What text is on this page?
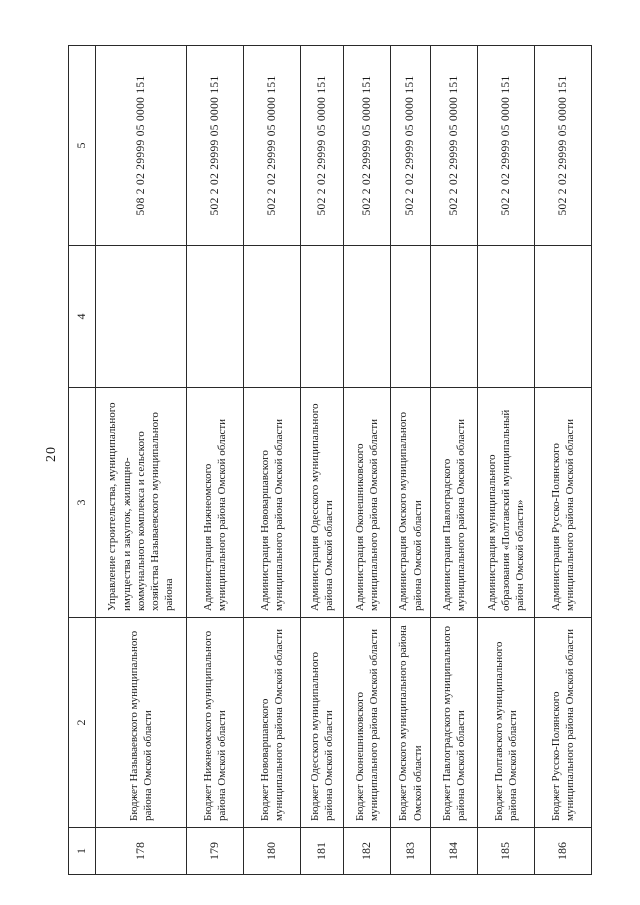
20
1	2	3	4	5
178	Бюджет Называевского муниципального района Омской области	Управление строительства, муниципального имущества и закупок, жилищно-коммунального комплекса и сельского хозяйства Называевского муниципального района		508 2 02 29999 05 0000 151
179	Бюджет Нижнеомского муниципального района Омской области	Администрация Нижнеомского муниципального района Омской области		502 2 02 29999 05 0000 151
180	Бюджет Нововаршавского муниципального района Омской области	Администрация Нововаршавского муниципального района Омской области		502 2 02 29999 05 0000 151
181	Бюджет Одесского муниципального района Омской области	Администрация Одесского муниципального района Омской области		502 2 02 29999 05 0000 151
182	Бюджет Оконешниковского муниципального района Омской области	Администрация Оконешниковского муниципального района Омской области		502 2 02 29999 05 0000 151
183	Бюджет Омского муниципального района Омской области	Администрация Омского муниципального района Омской области		502 2 02 29999 05 0000 151
184	Бюджет Павлоградского муниципального района Омской области	Администрация Павлоградского муниципального района Омской области		502 2 02 29999 05 0000 151
185	Бюджет Полтавского муниципального района Омской области	Администрация муниципального образования «Полтавский муниципальный район Омской области»		502 2 02 29999 05 0000 151
186	Бюджет Русско-Полянского муниципального района Омской области	Администрация Русско-Полянского муниципального района Омской области		502 2 02 29999 05 0000 151
